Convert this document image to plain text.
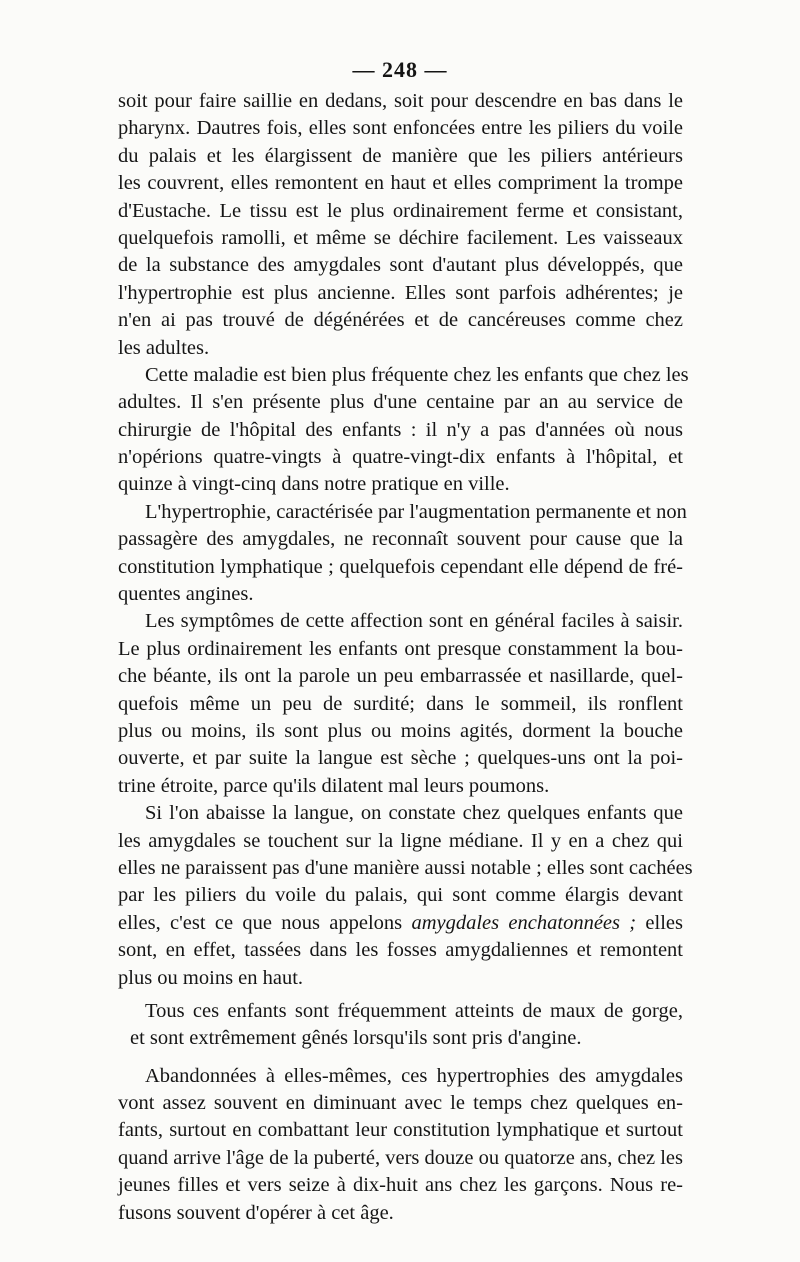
— 248 —
soit pour faire saillie en dedans, soit pour descendre en bas dans le
pharynx. Dautres fois, elles sont enfoncées entre les piliers du voile
du palais et les élargissent de manière que les piliers antérieurs
les couvrent, elles remontent en haut et elles compriment la trompe
d'Eustache. Le tissu est le plus ordinairement ferme et consistant,
quelquefois ramolli, et même se déchire facilement. Les vaisseaux
de la substance des amygdales sont d'autant plus développés, que
l'hypertrophie est plus ancienne. Elles sont parfois adhérentes; je
n'en ai pas trouvé de dégénérées et de cancéreuses comme chez
les adultes.
Cette maladie est bien plus fréquente chez les enfants que chez les
adultes. Il s'en présente plus d'une centaine par an au service de
chirurgie de l'hôpital des enfants : il n'y a pas d'années où nous
n'opérions quatre-vingts à quatre-vingt-dix enfants à l'hôpital, et
quinze à vingt-cinq dans notre pratique en ville.
L'hypertrophie, caractérisée par l'augmentation permanente et non
passagère des amygdales, ne reconnaît souvent pour cause que la
constitution lymphatique ; quelquefois cependant elle dépend de fré-
quentes angines.
Les symptômes de cette affection sont en général faciles à saisir.
Le plus ordinairement les enfants ont presque constamment la bou-
che béante, ils ont la parole un peu embarrassée et nasillarde, quel-
quefois même un peu de surdité; dans le sommeil, ils ronflent
plus ou moins, ils sont plus ou moins agités, dorment la bouche
ouverte, et par suite la langue est sèche ; quelques-uns ont la poi-
trine étroite, parce qu'ils dilatent mal leurs poumons.
Si l'on abaisse la langue, on constate chez quelques enfants que
les amygdales se touchent sur la ligne médiane. Il y en a chez qui
elles ne paraissent pas d'une manière aussi notable ; elles sont cachées
par les piliers du voile du palais, qui sont comme élargis devant
elles, c'est ce que nous appelons amygdales enchatonnées ; elles
sont, en effet, tassées dans les fosses amygdaliennes et remontent
plus ou moins en haut.
Tous ces enfants sont fréquemment atteints de maux de gorge,
et sont extrêmement gênés lorsqu'ils sont pris d'angine.
Abandonnées à elles-mêmes, ces hypertrophies des amygdales
vont assez souvent en diminuant avec le temps chez quelques en-
fants, surtout en combattant leur constitution lymphatique et surtout
quand arrive l'âge de la puberté, vers douze ou quatorze ans, chez les
jeunes filles et vers seize à dix-huit ans chez les garçons. Nous re-
fusons souvent d'opérer à cet âge.
